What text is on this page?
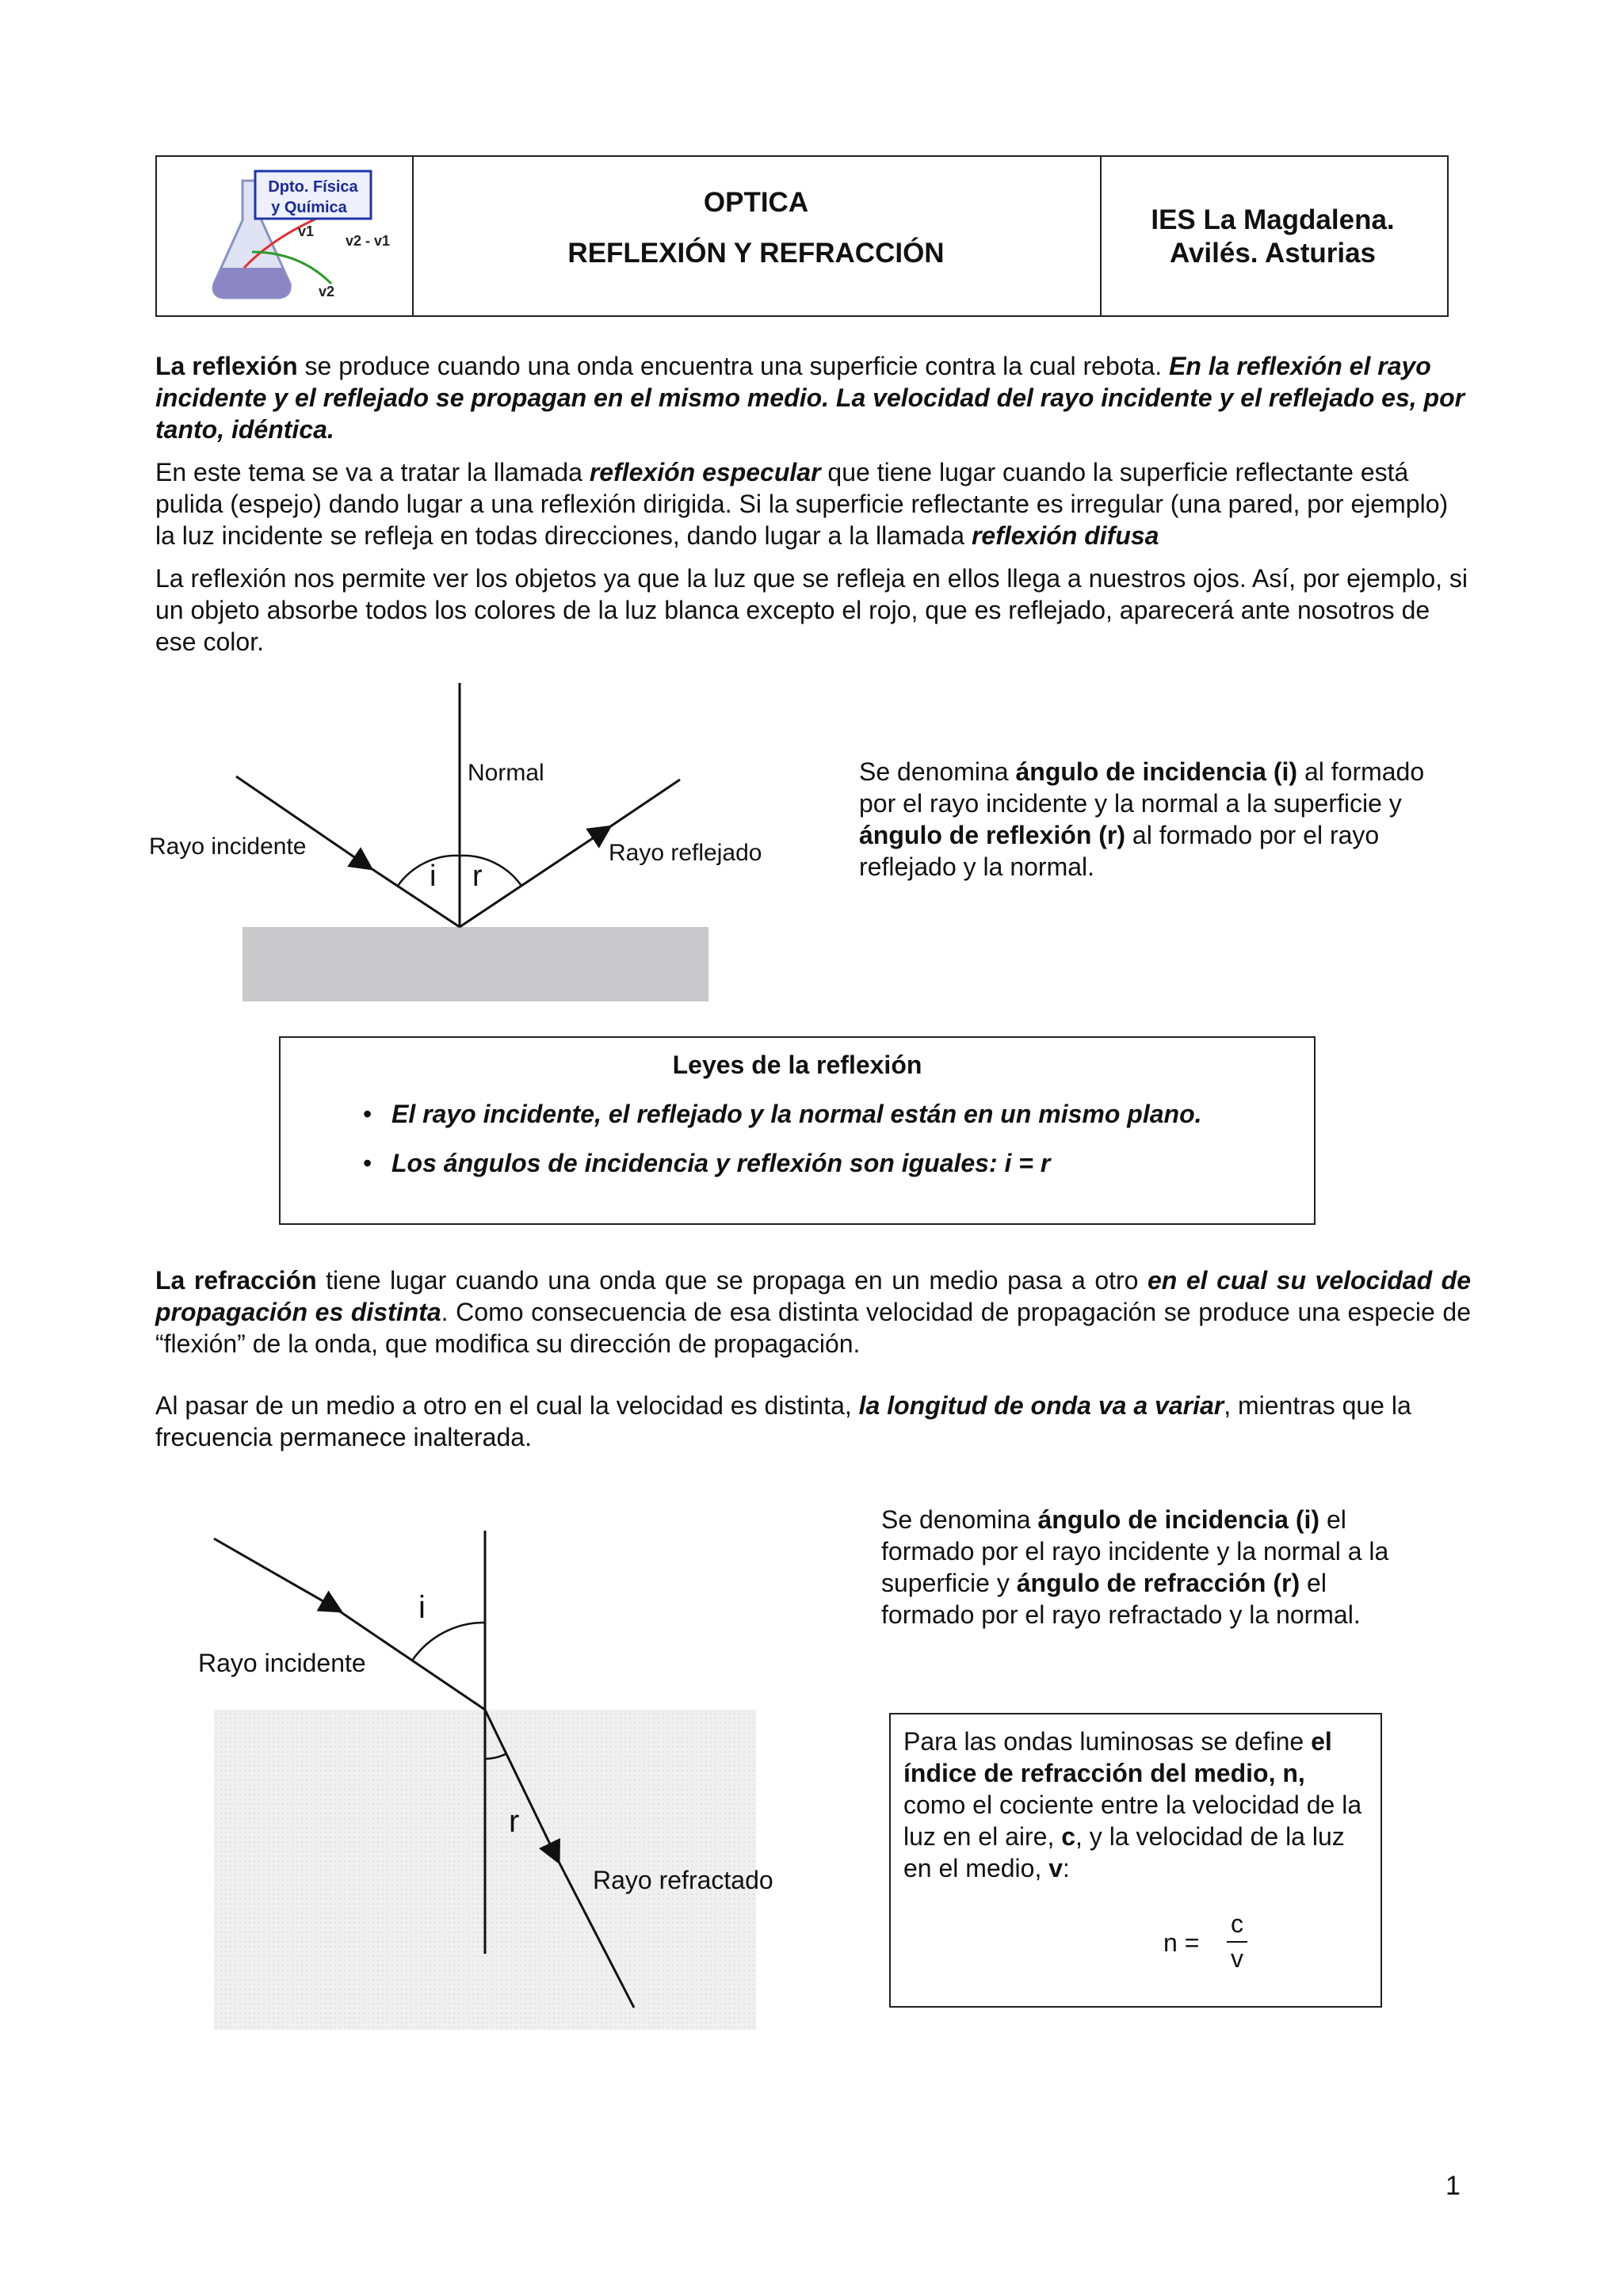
Dpto. Física
y Química
v1
v2 - v1
v2
OPTICA
REFLEXIÓN Y REFRACCIÓN
IES La Magdalena.
Avilés. Asturias

La reflexión se produce cuando una onda encuentra una superficie contra la cual rebota. En la reflexión el rayo incidente y el reflejado se propagan en el mismo medio. La velocidad del rayo incidente y el reflejado es, por tanto, idéntica.

En este tema se va a tratar la llamada reflexión especular que tiene lugar cuando la superficie reflectante está pulida (espejo) dando lugar a una reflexión dirigida. Si la superficie reflectante es irregular (una pared, por ejemplo) la luz incidente se refleja en todas direcciones, dando lugar a la llamada reflexión difusa

La reflexión nos permite ver los objetos ya que la luz que se refleja en ellos llega a nuestros ojos. Así, por ejemplo, si un objeto absorbe todos los colores de la luz blanca excepto el rojo, que es reflejado, aparecerá ante nosotros de ese color.

Normal
Rayo incidente	Rayo reflejado
i r
Se denomina ángulo de incidencia (i) al formado por el rayo incidente y la normal a la superficie y ángulo de reflexión (r) al formado por el rayo reflejado y la normal.
Leyes de la reflexión
• El rayo incidente, el reflejado y la normal están en un mismo plano.
• Los ángulos de incidencia y reflexión son iguales: i = r

La refracción tiene lugar cuando una onda que se propaga en un medio pasa a otro en el cual su velocidad de propagación es distinta. Como consecuencia de esa distinta velocidad de propagación se produce una especie de “flexión” de la onda, que modifica su dirección de propagación.

Al pasar de un medio a otro en el cual la velocidad es distinta, la longitud de onda va a variar, mientras que la frecuencia permanece inalterada.
i
r
Rayo incidente
Rayo refractado
Se denomina ángulo de incidencia (i) el formado por el rayo incidente y la normal a la superficie y ángulo de refracción (r) el formado por el rayo refractado y la normal.
Para las ondas luminosas se define el índice de refracción del medio, n, como el cociente entre la velocidad de la luz en el aire, c, y la velocidad de la luz en el medio, v:
n =
c
v
1
